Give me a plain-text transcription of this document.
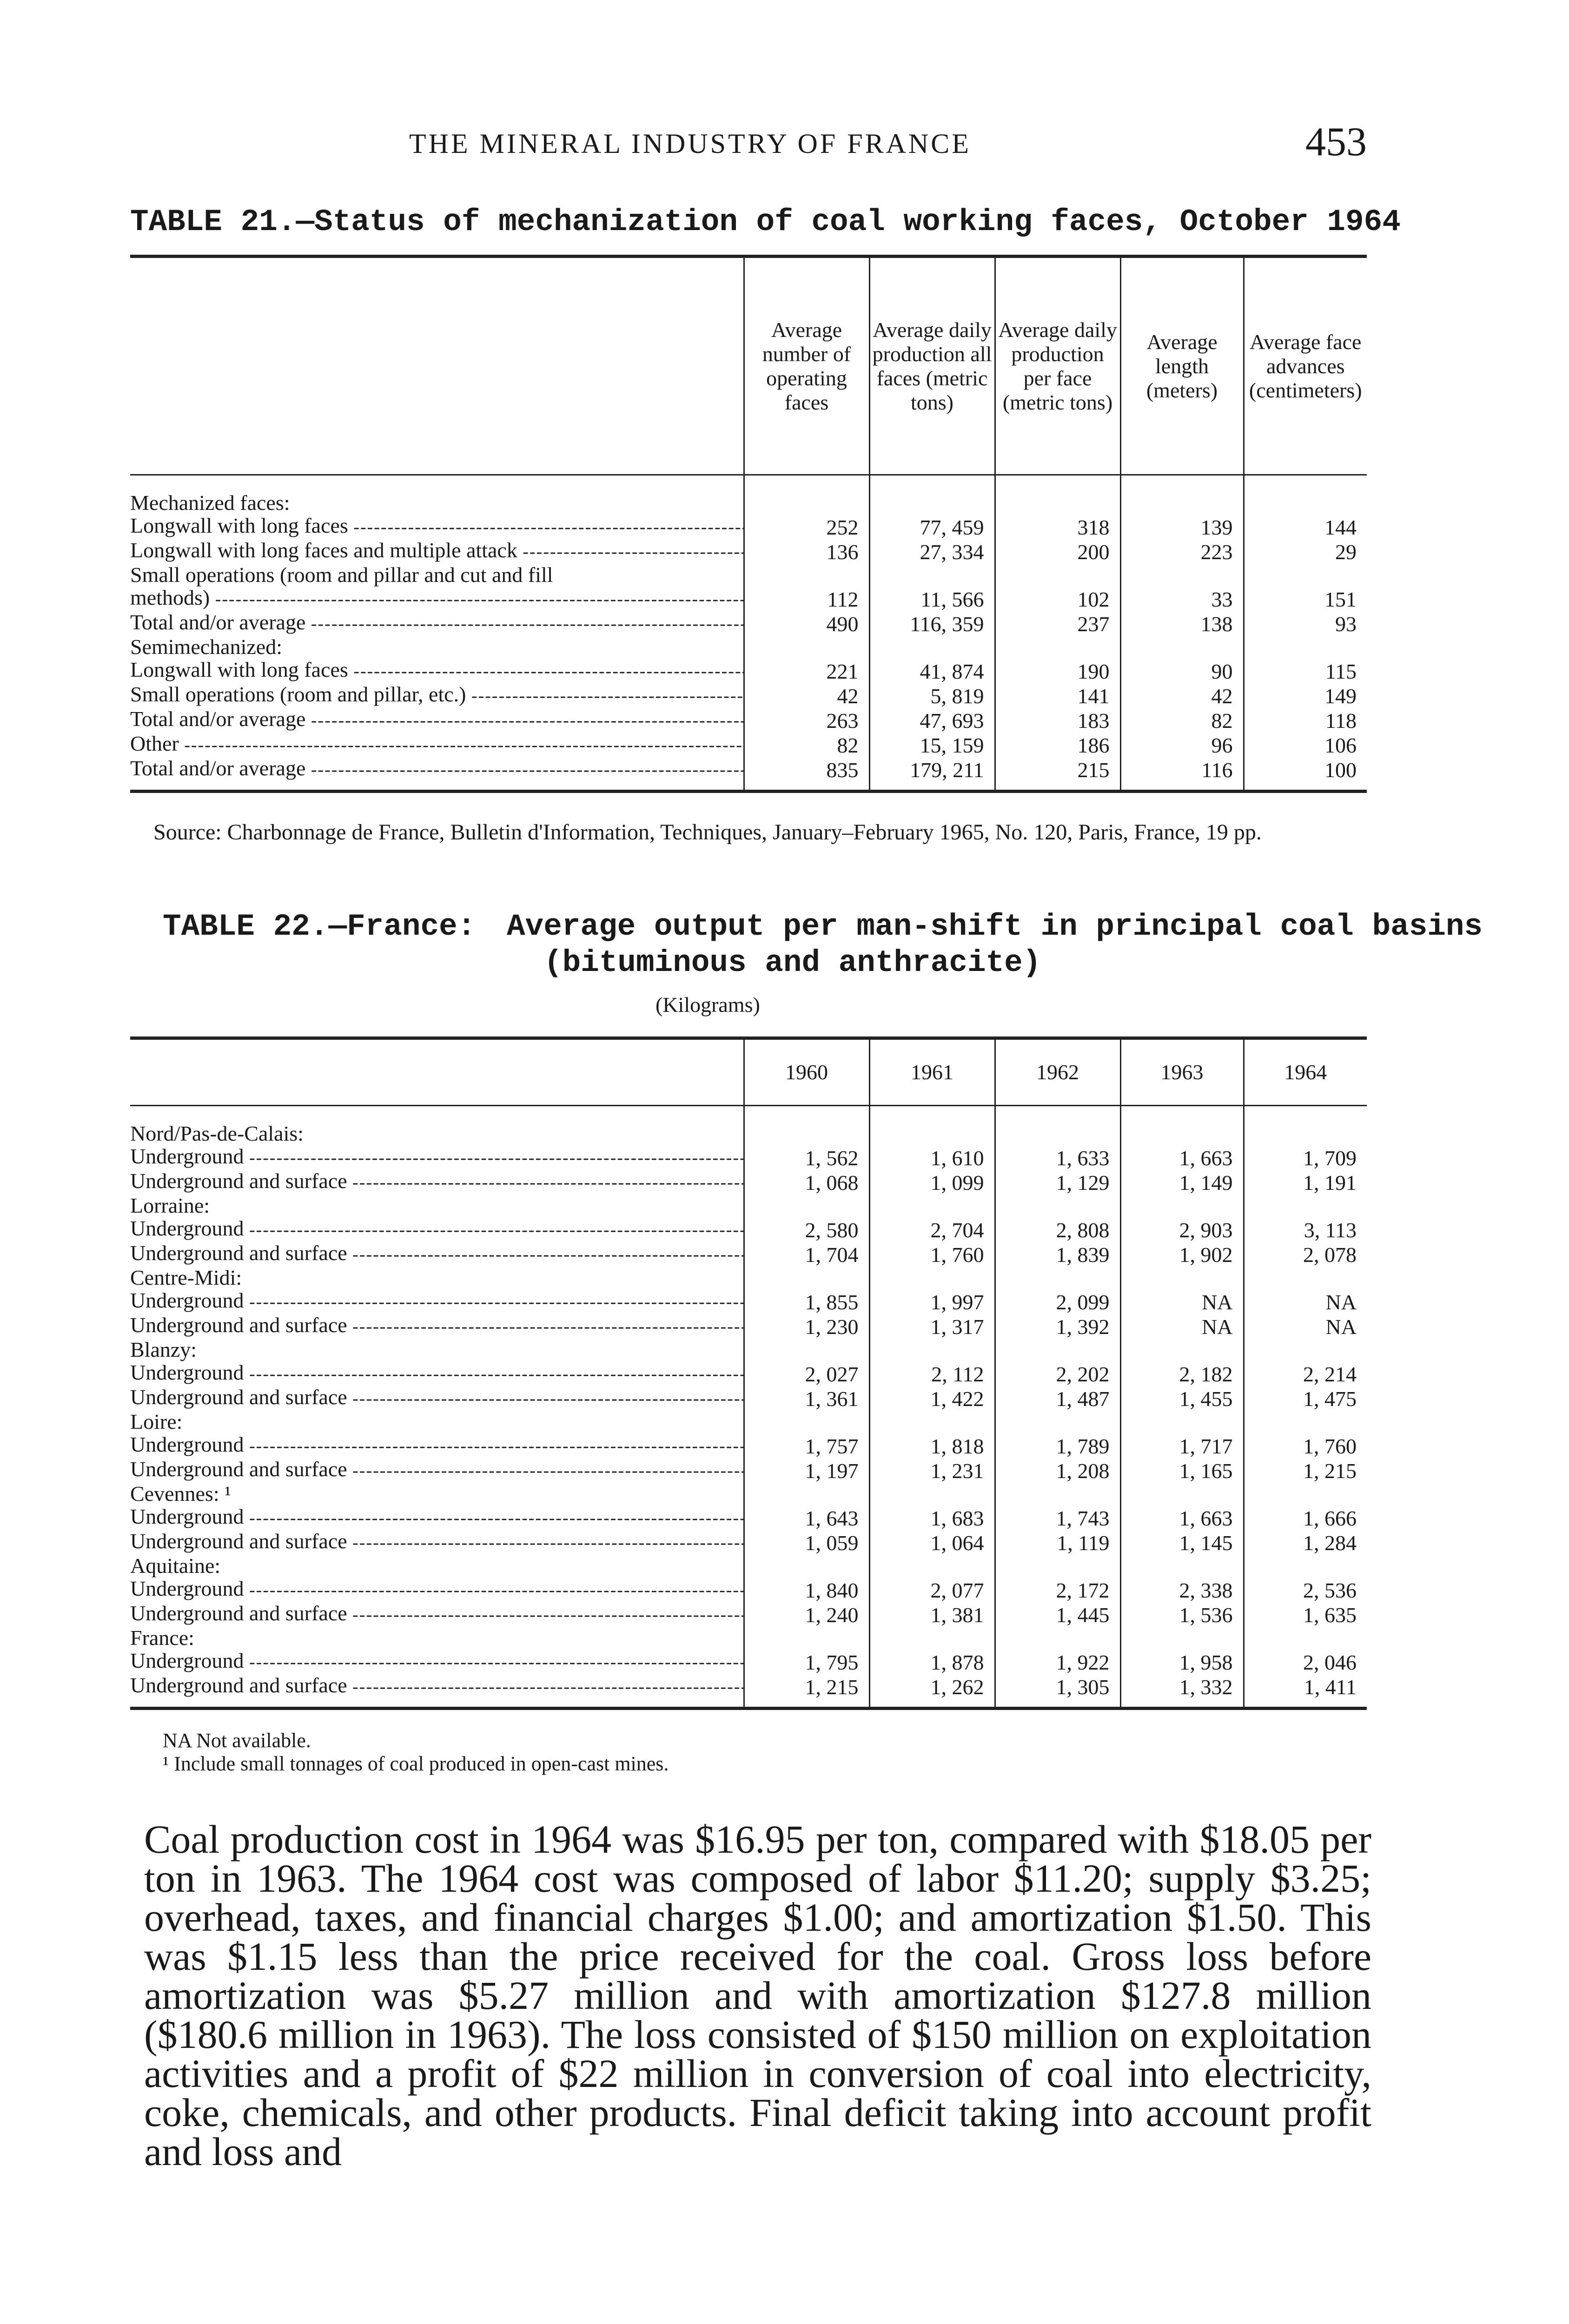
THE MINERAL INDUSTRY OF FRANCE	453
TABLE 21.—Status of mechanization of coal working faces, October 1964

	Average number of operating faces	Average daily production all faces (metric tons)	Average daily production per face (metric tons)	Average length (meters)	Average face advances (centimeters)

Mechanized faces:					
Longwall with long faces -----	252	77, 459	318	139	144
Longwall with long faces and multiple attack -----	136	27, 334	200	223	29
Small operations (room and pillar and cut and fill					
methods) -----	112	11, 566	102	33	151
Total and/or average -----	490	116, 359	237	138	93
Semimechanized:					
Longwall with long faces -----	221	41, 874	190	90	115
Small operations (room and pillar, etc.) -----	42	5, 819	141	42	149
Total and/or average -----	263	47, 693	183	82	118
Other -----	82	15, 159	186	96	106
Total and/or average -----	835	179, 211	215	116	100

Source: Charbonnage de France, Bulletin d'Information, Techniques, January–February 1965, No. 120, Paris, France, 19 pp.

TABLE 22.—France: Average output per man-shift in principal coal basins
(bituminous and anthracite)
(Kilograms)

	1960	1961	1962	1963	1964

Nord/Pas-de-Calais:					
Underground -----	1, 562	1, 610	1, 633	1, 663	1, 709
Underground and surface -----	1, 068	1, 099	1, 129	1, 149	1, 191
Lorraine:					
Underground -----	2, 580	2, 704	2, 808	2, 903	3, 113
Underground and surface -----	1, 704	1, 760	1, 839	1, 902	2, 078
Centre-Midi:					
Underground -----	1, 855	1, 997	2, 099	NA	NA
Underground and surface -----	1, 230	1, 317	1, 392	NA	NA
Blanzy:					
Underground -----	2, 027	2, 112	2, 202	2, 182	2, 214
Underground and surface -----	1, 361	1, 422	1, 487	1, 455	1, 475
Loire:					
Underground -----	1, 757	1, 818	1, 789	1, 717	1, 760
Underground and surface -----	1, 197	1, 231	1, 208	1, 165	1, 215
Cevennes: ¹					
Underground -----	1, 643	1, 683	1, 743	1, 663	1, 666
Underground and surface -----	1, 059	1, 064	1, 119	1, 145	1, 284
Aquitaine:					
Underground -----	1, 840	2, 077	2, 172	2, 338	2, 536
Underground and surface -----	1, 240	1, 381	1, 445	1, 536	1, 635
France:					
Underground -----	1, 795	1, 878	1, 922	1, 958	2, 046
Underground and surface -----	1, 215	1, 262	1, 305	1, 332	1, 411

NA Not available.

¹ Include small tonnages of coal produced in open-cast mines.

Coal production cost in 1964 was $16.95 per ton, compared with $18.05 per ton in 1963. The 1964 cost was composed of labor $11.20; supply $3.25; overhead, taxes, and financial charges $1.00; and amortization $1.50. This was $1.15 less than the price received for the coal. Gross loss before amortization was $5.27 million and with amortization $127.8 million ($180.6 million in 1963). The loss consisted of $150 million on exploitation activities and a profit of $22 million in conversion of coal into electricity, coke, chemicals, and other products. Final deficit taking into account profit and loss and
